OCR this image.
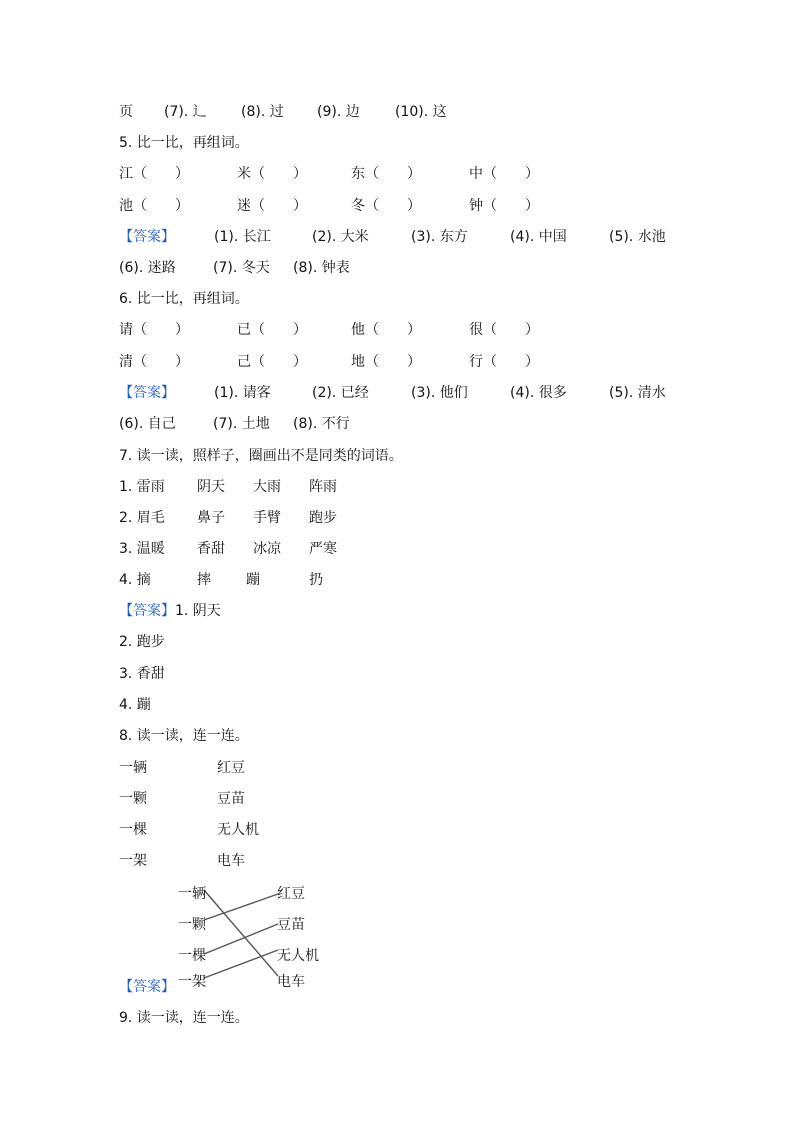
页 (7). 辶 (8). 过 (9). 边	(10). 这
5. 比一比，再组词。
江（　　）	米（　　）	东（　　）	中（　　）
池（　　）	迷（　　）	冬（　　）	钟（　　）
【答案】	(1). 长江	(2). 大米	(3). 东方	(4). 中国	(5). 水池
(6). 迷路	(7). 冬天 (8). 钟表
6. 比一比，再组词。
请（　　）	已（　　）	他（　　）	很（　　）
清（　　）	己（　　）	地（　　）	行（　　）
【答案】	(1). 请客	(2). 已经	(3). 他们	(4). 很多	(5). 清水
(6). 自己	(7). 土地 (8). 不行
7. 读一读，照样子，圈画出不是同类的词语。
1. 雷雨 阴天 大雨 阵雨
2. 眉毛 鼻子 手臂 跑步
3. 温暖 香甜 冰凉 严寒
4. 摘	摔	蹦	扔
【答案】 1. 阴天
2. 跑步
3. 香甜
4. 蹦
8. 读一读，连一连。
一辆	红豆
一颗	豆苗
一棵	无人机
一架	电车
一辆
一颗
一棵
一架
红豆
豆苗
无人机
电车
【答案】
9. 读一读，连一连。
